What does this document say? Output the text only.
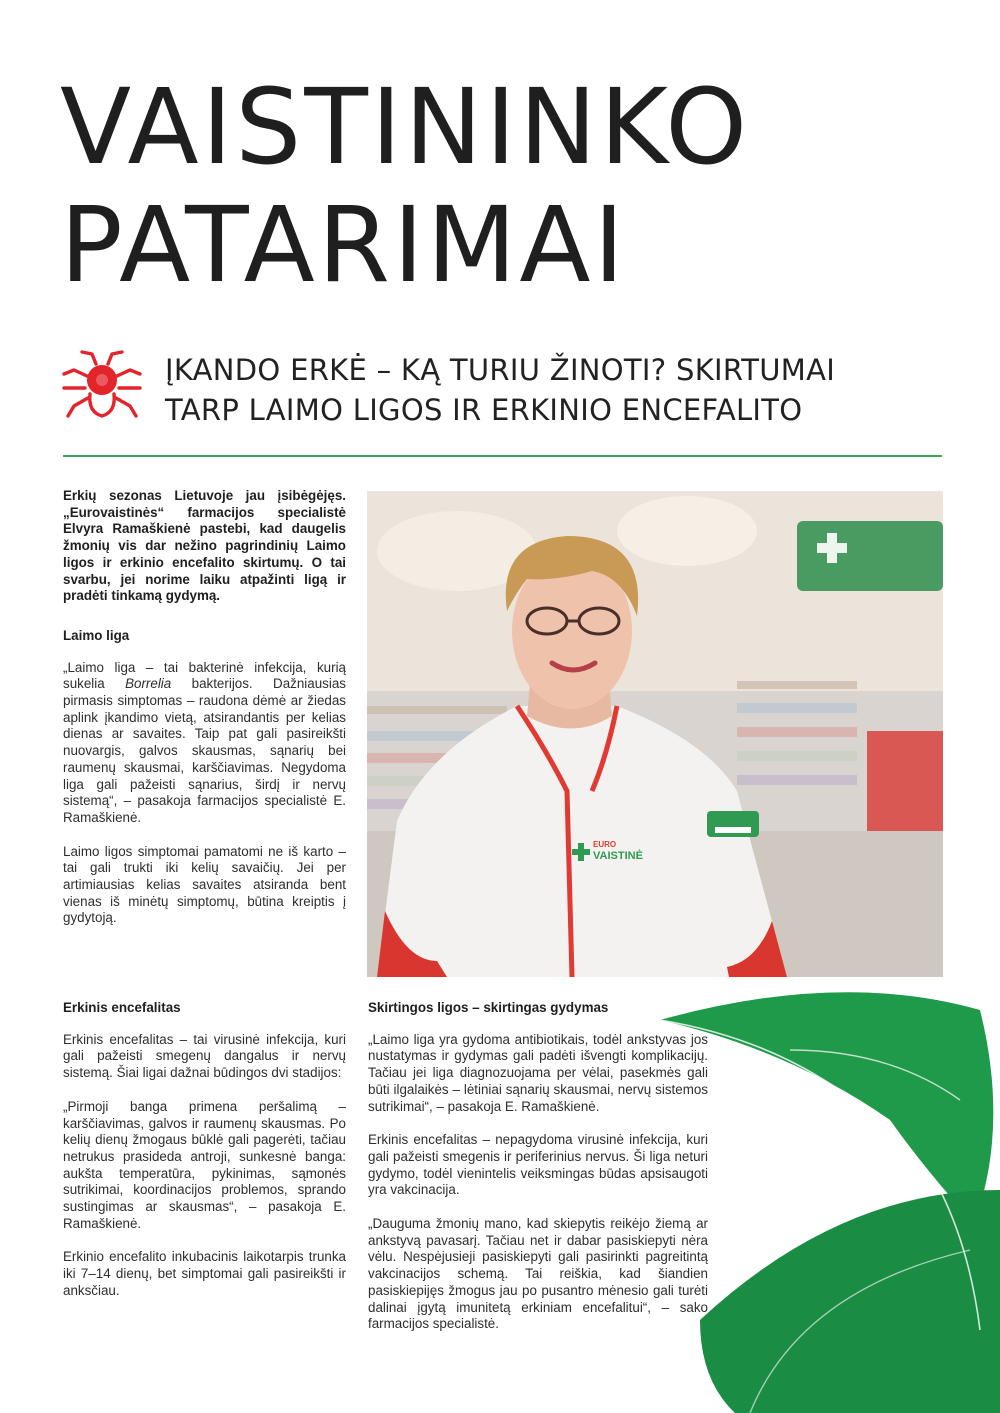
VAISTININKO
PATARIMAI
ĮKANDO ERKĖ – KĄ TURIU ŽINOTI? SKIRTUMAI
TARP LAIMO LIGOS IR ERKINIO ENCEFALITO

Erkių sezonas Lietuvoje jau įsibėgėjęs. „Eurovaistinės“ farmacijos specialistė Elvyra Ramaškienė pastebi, kad daugelis žmonių vis dar nežino pagrindinių Laimo ligos ir erkinio encefalito skirtumų. O tai svarbu, jei norime laiku atpažinti ligą ir pradėti tinkamą gydymą.

Laimo liga

„Laimo liga – tai bakterinė infekcija, kurią sukelia Borrelia bakterijos. Dažniausias pirmasis simptomas – raudona dėmė ar žiedas aplink įkandimo vietą, atsirandantis per kelias dienas ar savaites. Taip pat gali pasireikšti nuovargis, galvos skausmas, sąnarių bei raumenų skausmai, karščiavimas. Negydoma liga gali pažeisti sąnarius, širdį ir nervų sistemą“, – pasakoja farmacijos specialistė E. Ramaškienė.

Laimo ligos simptomai pamatomi ne iš karto – tai gali trukti iki kelių savaičių. Jei per artimiausias kelias savaites atsiranda bent vienas iš minėtų simptomų, būtina kreiptis į gydytoją.

EURO
VAISTINĖ
Erkinis encefalitas

Erkinis encefalitas – tai virusinė infekcija, kuri gali pažeisti smegenų dangalus ir nervų sistemą. Šiai ligai dažnai būdingos dvi stadijos:

„Pirmoji banga primena peršalimą – karščiavimas, galvos ir raumenų skausmas. Po kelių dienų žmogaus būklė gali pagerėti, tačiau netrukus prasideda antroji, sunkesnė banga: aukšta temperatūra, pykinimas, sąmonės sutrikimai, koordinacijos problemos, sprando sustingimas ar skausmas“, – pasakoja E. Ramaškienė.

Erkinio encefalito inkubacinis laikotarpis trunka iki 7–14 dienų, bet simptomai gali pasireikšti ir anksčiau.

Skirtingos ligos – skirtingas gydymas

„Laimo liga yra gydoma antibiotikais, todėl ankstyvas jos nustatymas ir gydymas gali padėti išvengti komplikacijų. Tačiau jei liga diagnozuojama per vėlai, pasekmės gali būti ilgalaikės – lėtiniai sąnarių skausmai, nervų sistemos sutrikimai“, – pasakoja E. Ramaškienė.

Erkinis encefalitas – nepagydoma virusinė infekcija, kuri gali pažeisti smegenis ir periferinius nervus. Ši liga neturi gydymo, todėl vienintelis veiksmingas būdas apsisaugoti yra vakcinacija.

„Dauguma žmonių mano, kad skiepytis reikėjo žiemą ar ankstyvą pavasarį. Tačiau net ir dabar pasiskiepyti nėra vėlu. Nespėjusieji pasiskiepyti gali pasirinkti pagreitintą vakcinacijos schemą. Tai reiškia, kad šiandien pasiskiepijęs žmogus jau po pusantro mėnesio gali turėti dalinai įgytą imunitetą erkiniam encefalitui“, – sako farmacijos specialistė.
